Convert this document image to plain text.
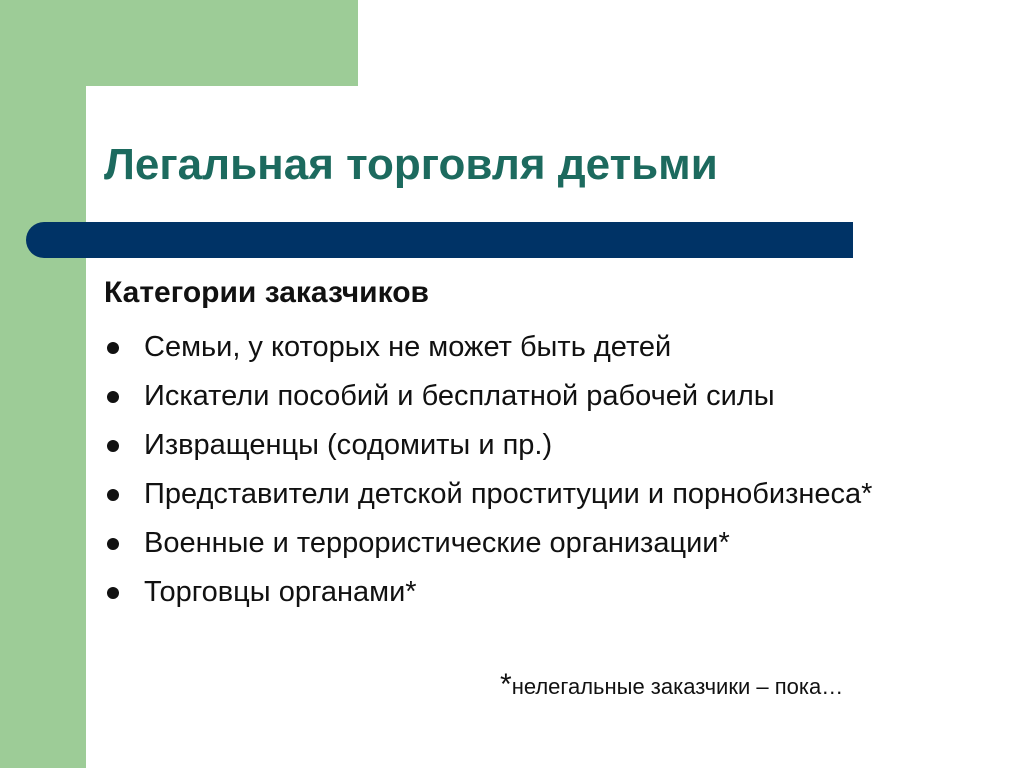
Легальная торговля детьми
Категории заказчиков
Семьи, у которых не может быть детей
Искатели пособий и бесплатной рабочей силы
Извращенцы (содомиты и пр.)
Представители детской проституции и порнобизнеса*
Военные и террористические организации*
Торговцы органами*
*нелегальные заказчики – пока…
